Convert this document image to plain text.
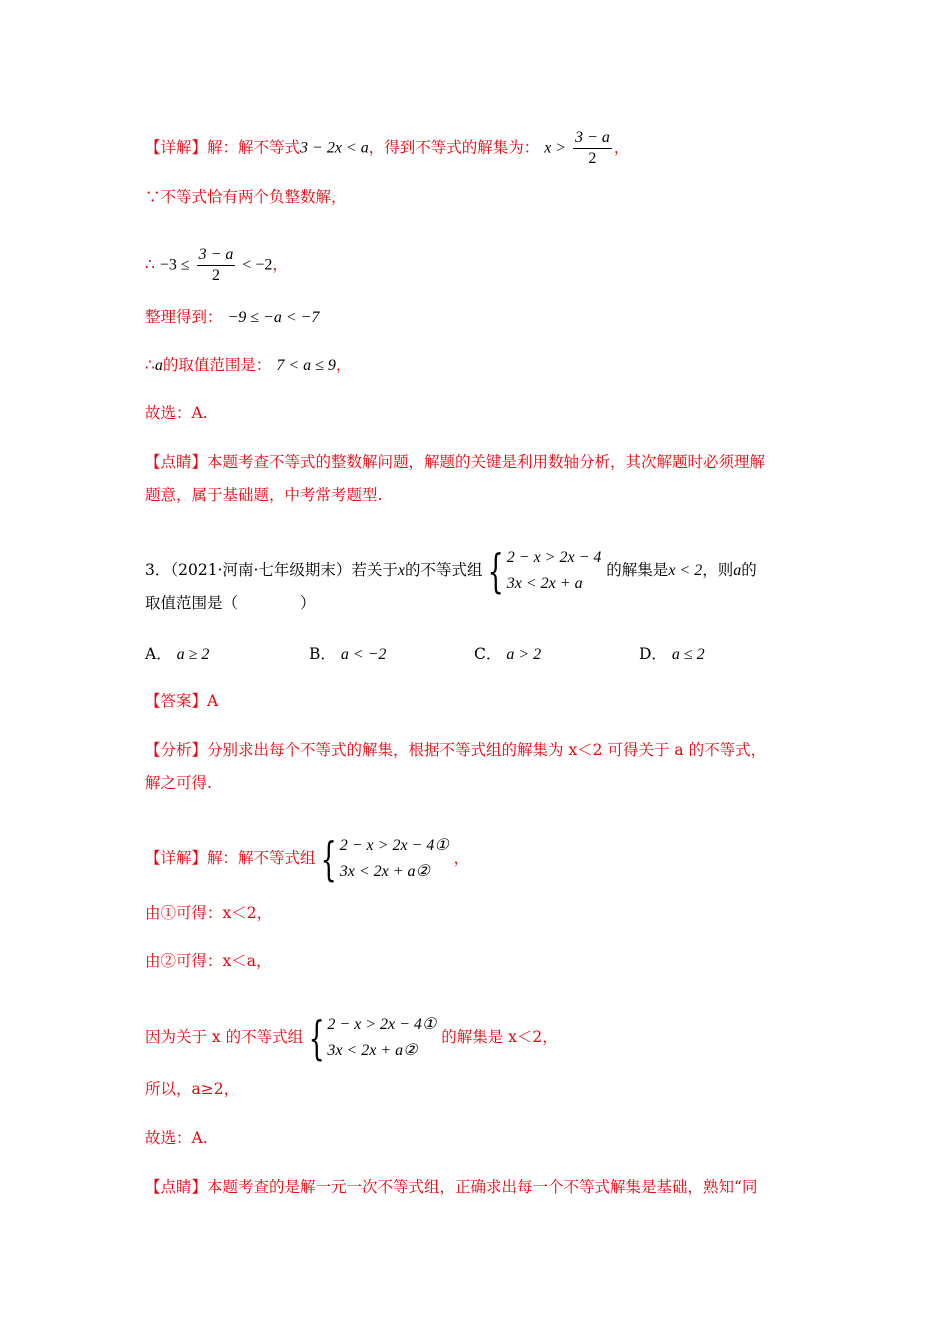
【详解】解：解不等式3 − 2x < a，得到不等式的解集为： $x > \frac{3 - a}{2}$ ，
∵不等式恰有两个负整数解，
∴ $-3 \le \frac{3 - a}{2} < -2$，
整理得到： −9 ≤ −a < −7
∴a的取值范围是： 7 < a ≤ 9，
故选：A.
【点睛】本题考查不等式的整数解问题，解题的关键是利用数轴分析，其次解题时必须理解
题意，属于基础题，中考常考题型.
3．（2021·河南·七年级期末）若关于x的不等式组 { 2 − x > 2x − 4
3x < 2x + a
的解集是x < 2，则a的
取值范围是（　　　　）
A． a ≥ 2	B． a < −2	C． a > 2	D． a ≤ 2
【答案】A
【分析】分别求出每个不等式的解集，根据不等式组的解集为 x＜2 可得关于 a 的不等式，
解之可得.
【详解】解：解不等式组 { 2 − x > 2x − 4①
3x < 2x + a②
，
由①可得：x＜2，
由②可得：x＜a，
因为关于 x 的不等式组 { 2 − x > 2x − 4①
3x < 2x + a②
的解集是 x＜2，
所以，a≥2，
故选：A.
【点睛】本题考查的是解一元一次不等式组，正确求出每一个不等式解集是基础，熟知“同
